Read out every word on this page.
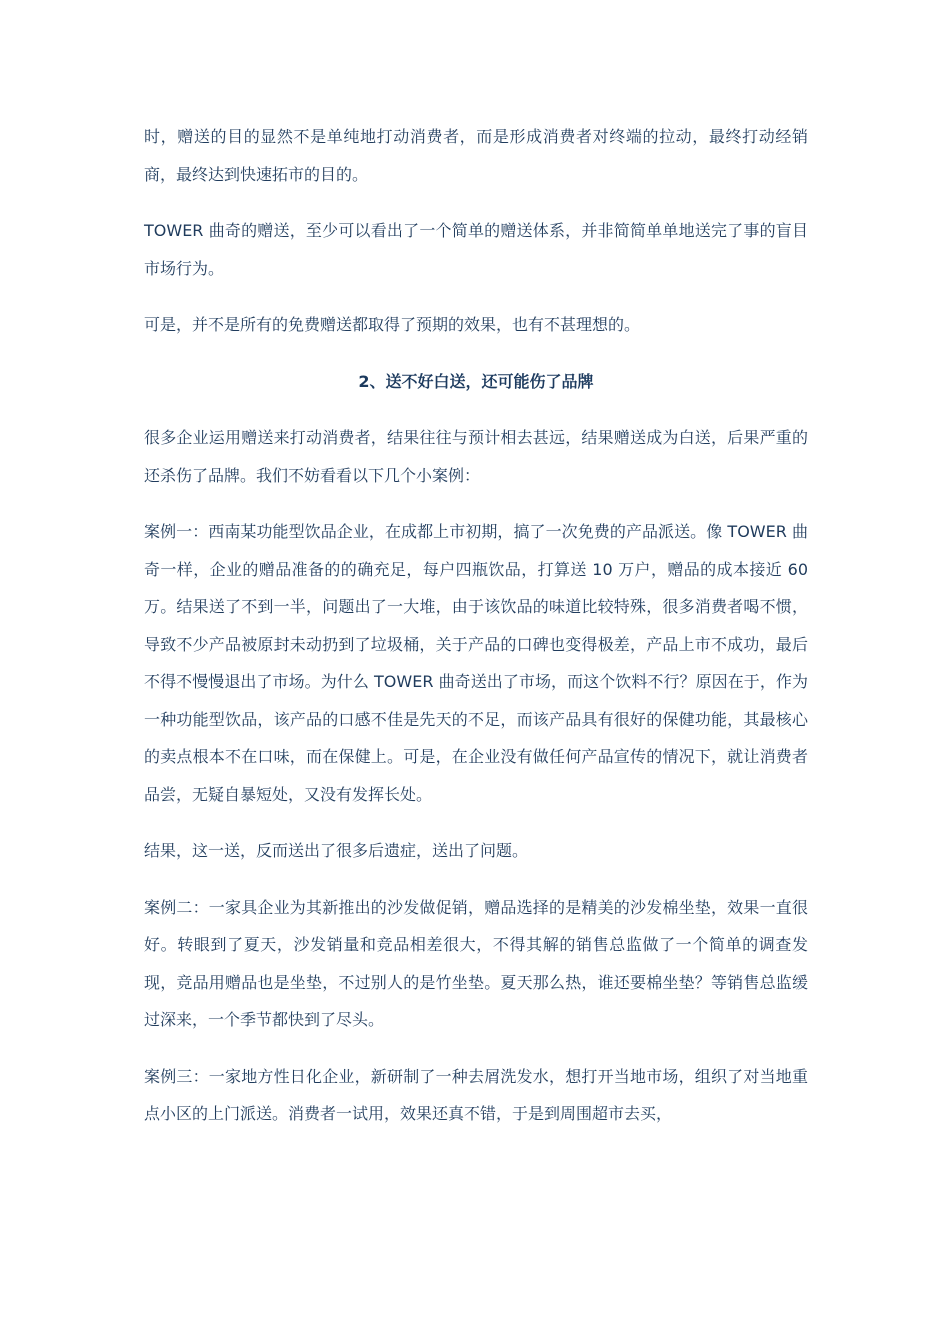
时，赠送的目的显然不是单纯地打动消费者，而是形成消费者对终端的拉动，最终打动经销商，最终达到快速拓市的目的。

TOWER 曲奇的赠送，至少可以看出了一个简单的赠送体系，并非简简单单地送完了事的盲目市场行为。

可是，并不是所有的免费赠送都取得了预期的效果，也有不甚理想的。

2、送不好白送，还可能伤了品牌

很多企业运用赠送来打动消费者，结果往往与预计相去甚远，结果赠送成为白送，后果严重的还杀伤了品牌。我们不妨看看以下几个小案例：

案例一：西南某功能型饮品企业，在成都上市初期，搞了一次免费的产品派送。像 TOWER 曲奇一样，企业的赠品准备的的确充足，每户四瓶饮品，打算送 10 万户，赠品的成本接近 60 万。结果送了不到一半，问题出了一大堆，由于该饮品的味道比较特殊，很多消费者喝不惯，导致不少产品被原封未动扔到了垃圾桶，关于产品的口碑也变得极差，产品上市不成功，最后不得不慢慢退出了市场。为什么 TOWER 曲奇送出了市场，而这个饮料不行？原因在于，作为一种功能型饮品，该产品的口感不佳是先天的不足，而该产品具有很好的保健功能，其最核心的卖点根本不在口味，而在保健上。可是，在企业没有做任何产品宣传的情况下，就让消费者品尝，无疑自暴短处，又没有发挥长处。

结果，这一送，反而送出了很多后遗症，送出了问题。

案例二：一家具企业为其新推出的沙发做促销，赠品选择的是精美的沙发棉坐垫，效果一直很好。转眼到了夏天，沙发销量和竞品相差很大，不得其解的销售总监做了一个简单的调查发现，竞品用赠品也是坐垫，不过别人的是竹坐垫。夏天那么热，谁还要棉坐垫？等销售总监缓过深来，一个季节都快到了尽头。

案例三：一家地方性日化企业，新研制了一种去屑洗发水，想打开当地市场，组织了对当地重点小区的上门派送。消费者一试用，效果还真不错，于是到周围超市去买，
